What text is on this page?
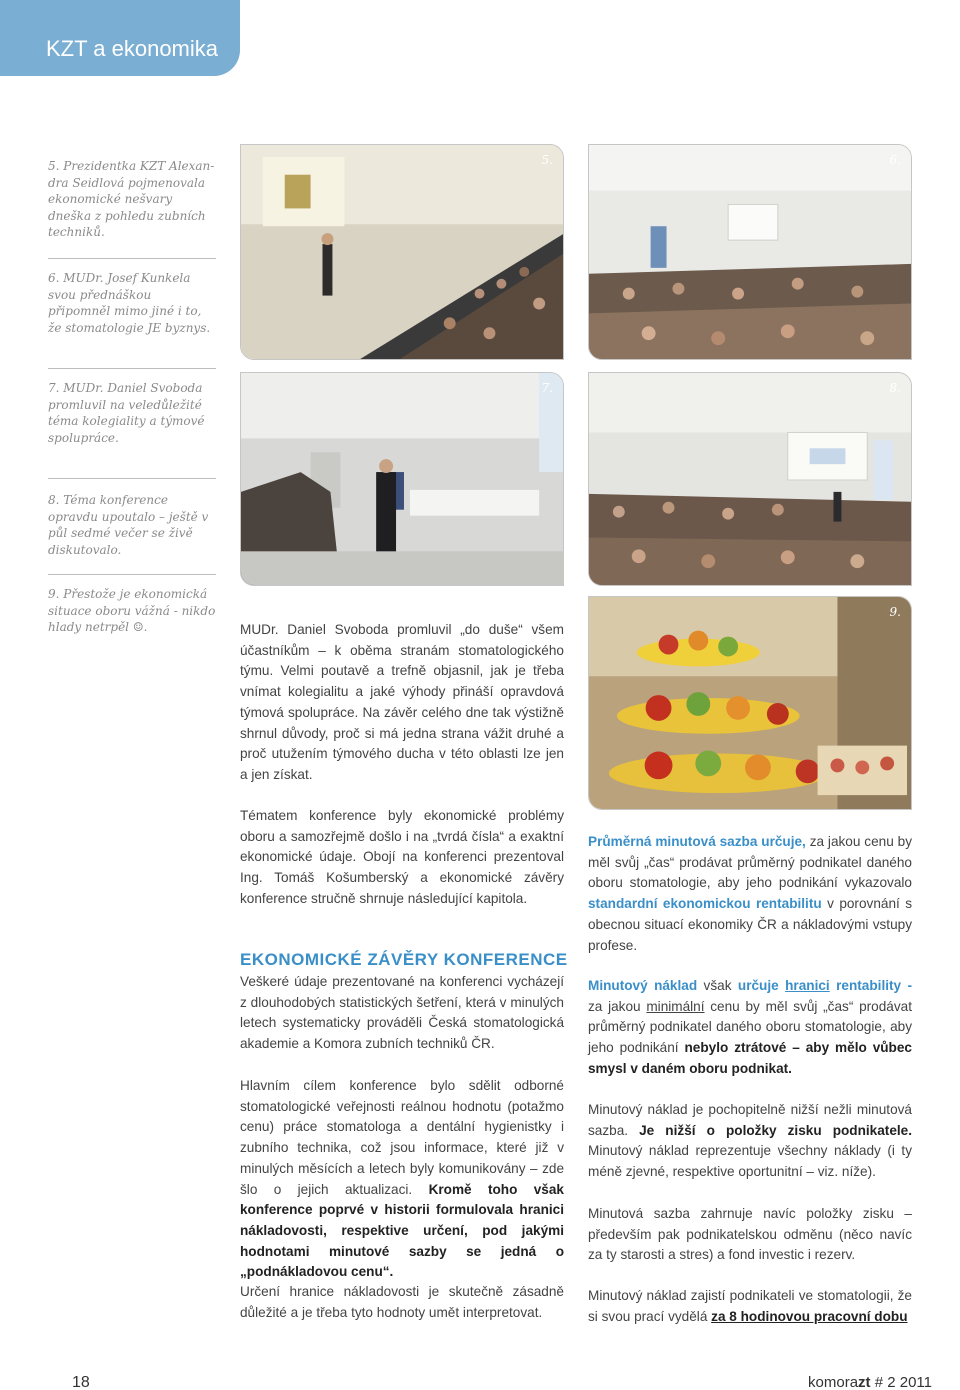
KZT a ekonomika
5. Prezidentka KZT Alexandra Seidlová pojmenovala ekonomické nešvary dneška z pohledu zubních techniků.
6. MUDr. Josef Kunkela svou přednáškou připomněl mimo jiné i to, že stomatologie JE byznys.
7. MUDr. Daniel Svoboda promluvil na veledůležité téma kolegiality a týmové spolupráce.
8. Téma konference opravdu upoutalo – ještě v půl sedmé večer se živě diskutovalo.
9. Přestože je ekonomická situace oboru vážná - nikdo hlady netrpěl ☺.
5.	6.
7.	8.
9.
MUDr. Daniel Svoboda promluvil „do duše“ všem účastníkům – k oběma stranám stomatologického týmu. Velmi poutavě a trefně objasnil, jak je třeba vnímat kolegialitu a jaké výhody přináší opravdová týmová spolupráce. Na závěr celého dne tak výstižně shrnul důvody, proč si má jedna strana vážit druhé a proč utužením týmového ducha v této oblasti lze jen a jen získat.
Tématem konference byly ekonomické problémy oboru a samozřejmě došlo i na „tvrdá čísla“ a exaktní ekonomické údaje. Obojí na konferenci prezentoval Ing. Tomáš Košumberský a ekonomické závěry konference stručně shrnuje následující kapitola.
EKONOMICKÉ ZÁVĚRY KONFERENCE
Veškeré údaje prezentované na konferenci vycházejí z dlouhodobých statistických šetření, která v minulých letech systematicky prováděli Česká stomatologická akademie a Komora zubních techniků ČR.
Hlavním cílem konference bylo sdělit odborné stomatologické veřejnosti reálnou hodnotu (potažmo cenu) práce stomatologa a dentální hygienistky i zubního technika, což jsou informace, které již v minulých měsících a letech byly komunikovány – zde šlo o jejich aktualizaci. Kromě toho však konference poprvé v historii formulovala hranici nákladovosti, respektive určení, pod jakými hodnotami minutové sazby se jedná o „podnákladovou cenu“.
Určení hranice nákladovosti je skutečně zásadně důležité a je třeba tyto hodnoty umět interpretovat.
Průměrná minutová sazba určuje, za jakou cenu by měl svůj „čas“ prodávat průměrný podnikatel daného oboru stomatologie, aby jeho podnikání vykazovalo standardní ekonomickou rentabilitu v porovnání s obecnou situací ekonomiky ČR a nákladovými vstupy profese.
Minutový náklad však určuje hranici rentability - za jakou minimální cenu by měl svůj „čas“ prodávat průměrný podnikatel daného oboru stomatologie, aby jeho podnikání nebylo ztrátové – aby mělo vůbec smysl v daném oboru podnikat.
Minutový náklad je pochopitelně nižší nežli minutová sazba. Je nižší o položky zisku podnikatele. Minutový náklad reprezentuje všechny náklady (i ty méně zjevné, respektive oportunitní – viz. níže).
Minutová sazba zahrnuje navíc položky zisku – především pak podnikatelskou odměnu (něco navíc za ty starosti a stres) a fond investic i rezerv.
Minutový náklad zajistí podnikateli ve stomatologii, že si svou prací vydělá za 8 hodinovou pracovní dobu
18	komorazt # 2 2011
